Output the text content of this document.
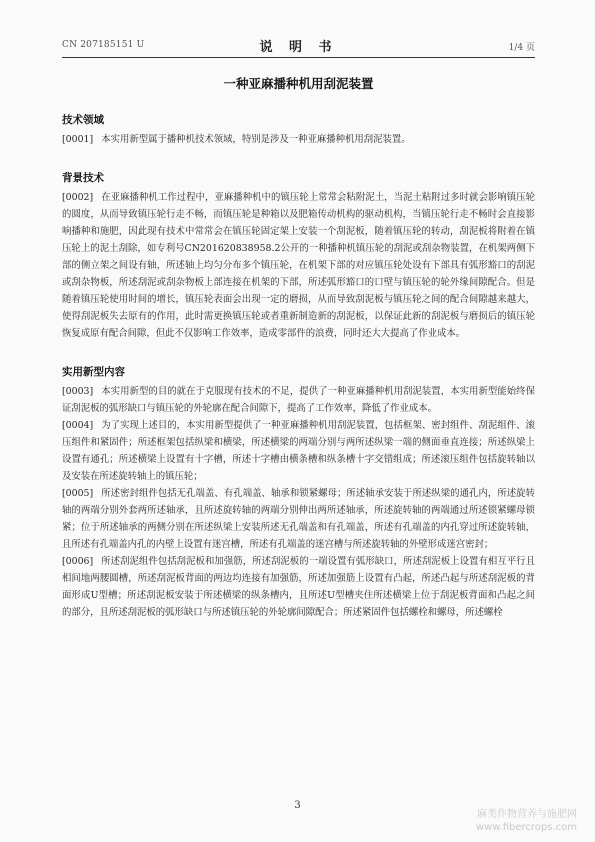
CN 207185151 U	说 明 书	1/4 页
一种亚麻播种机用刮泥装置
技术领域

[0001] 本实用新型属于播种机技术领域，特别是涉及一种亚麻播种机用刮泥装置。

背景技术

[0002] 在亚麻播种机工作过程中，亚麻播种机中的镇压轮上常常会粘附泥土，当泥土粘附过多时就会影响镇压轮的圆度，从而导致镇压轮行走不畅，而镇压轮是种箱以及肥箱传动机构的驱动机构，当镇压轮行走不畅时会直接影响播种和施肥，因此现有技术中常常会在镇压轮固定架上安装一个刮泥板，随着镇压轮的转动，刮泥板将附着在镇压轮上的泥土刮除，如专利号CN201620838958.2公开的一种播种机镇压轮的刮泥或刮杂物装置，在机架两侧下部的侧立架之间设有轴，所述轴上均匀分布多个镇压轮，在机架下部的对应镇压轮处设有下部具有弧形豁口的刮泥或刮杂物板，所述刮泥或刮杂物板上部连接在机架的下部，所述弧形豁口的口壁与镇压轮的轮外缘间隙配合。但是随着镇压轮使用时间的增长，镇压轮表面会出现一定的磨损，从而导致刮泥板与镇压轮之间的配合间隙越来越大，使得刮泥板失去原有的作用，此时需更换镇压轮或者重新制造新的刮泥板，以保证此新的刮泥板与磨损后的镇压轮恢复成原有配合间隙，但此不仅影响工作效率，造成零部件的浪费，同时还大大提高了作业成本。

实用新型内容

[0003] 本实用新型的目的就在于克服现有技术的不足，提供了一种亚麻播种机用刮泥装置，本实用新型能始终保证刮泥板的弧形缺口与镇压轮的外轮廓在配合间隙下，提高了工作效率，降低了作业成本。

[0004] 为了实现上述目的，本实用新型提供了一种亚麻播种机用刮泥装置，包括框架、密封组件、刮泥组件、滚压组件和紧固件；所述框架包括纵梁和横梁，所述横梁的两端分别与两所述纵梁一端的侧面垂直连接；所述纵梁上设置有通孔；所述横梁上设置有十字槽，所述十字槽由横条槽和纵条槽十字交错组成；所述滚压组件包括旋转轴以及安装在所述旋转轴上的镇压轮；

[0005] 所述密封组件包括无孔端盖、有孔端盖、轴承和锁紧螺母；所述轴承安装于所述纵梁的通孔内，所述旋转轴的两端分别外套两所述轴承，且所述旋转轴的两端分别伸出两所述轴承，所述旋转轴的两端通过所述锁紧螺母锁紧；位于所述轴承的两侧分别在所述纵梁上安装所述无孔端盖和有孔端盖，所述有孔端盖的内孔穿过所述旋转轴，且所述有孔端盖内孔的内壁上设置有迷宫槽，所述有孔端盖的迷宫槽与所述旋转轴的外壁形成迷宫密封；

[0006] 所述刮泥组件包括刮泥板和加强筋，所述刮泥板的一端设置有弧形缺口，所述刮泥板上设置有相互平行且相间地两腰圆槽，所述刮泥板背面的两边均连接有加强筋，所述加强筋上设置有凸起，所述凸起与所述刮泥板的背面形成U型槽；所述刮泥板安装于所述横梁的纵条槽内，且所述U型槽夹住所述横梁上位于刮泥板背面和凸起之间的部分，且所述刮泥板的弧形缺口与所述镇压轮的外轮廓间隙配合；所述紧固件包括螺栓和螺母，所述螺栓

3
麻类作物营养与施肥网
www.fibercrops.com
